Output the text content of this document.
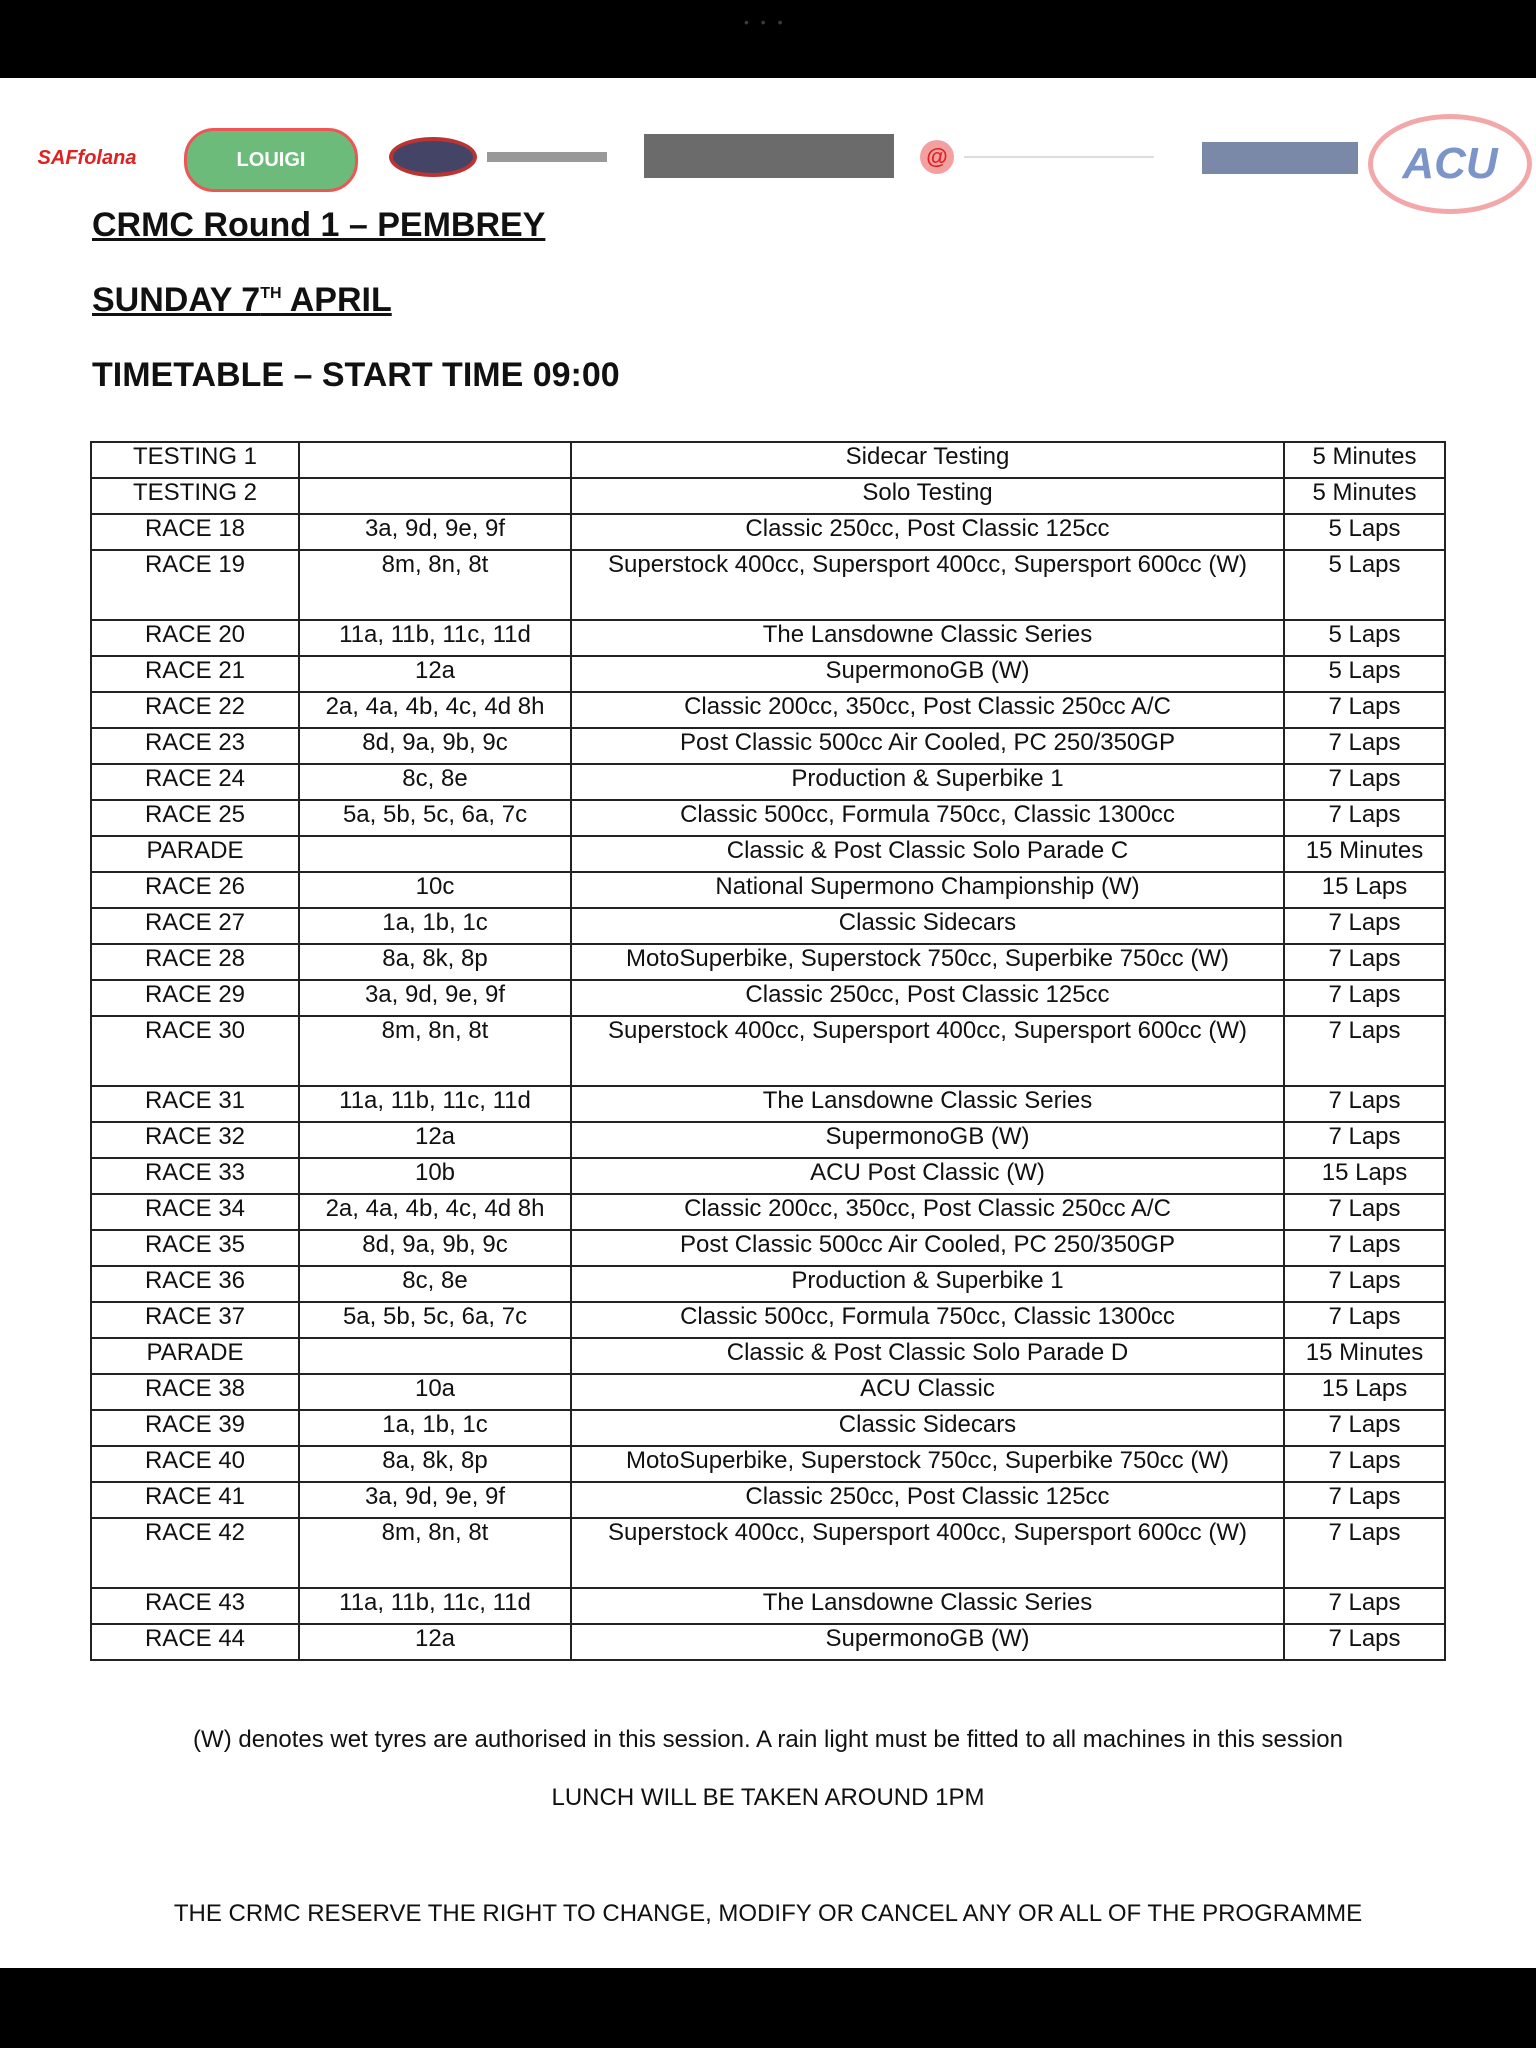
• • •
SAFfolana	LOUIGI	@	ACU
CRMC Round 1 – PEMBREY
SUNDAY 7TH APRIL
TIMETABLE – START TIME 09:00
TESTING 1		Sidecar Testing	5 Minutes
TESTING 2		Solo Testing	5 Minutes
RACE 18	3a, 9d, 9e, 9f	Classic 250cc, Post Classic 125cc	5 Laps
RACE 19	8m, 8n, 8t	Superstock 400cc, Supersport 400cc, Supersport 600cc (W)	5 Laps
RACE 20	11a, 11b, 11c, 11d	The Lansdowne Classic Series	5 Laps
RACE 21	12a	SupermonoGB (W)	5 Laps
RACE 22	2a, 4a, 4b, 4c, 4d 8h	Classic 200cc, 350cc, Post Classic 250cc A/C	7 Laps
RACE 23	8d, 9a, 9b, 9c	Post Classic 500cc Air Cooled, PC 250/350GP	7 Laps
RACE 24	8c, 8e	Production & Superbike 1	7 Laps
RACE 25	5a, 5b, 5c, 6a, 7c	Classic 500cc, Formula 750cc, Classic 1300cc	7 Laps
PARADE		Classic & Post Classic Solo Parade C	15 Minutes
RACE 26	10c	National Supermono Championship (W)	15 Laps
RACE 27	1a, 1b, 1c	Classic Sidecars	7 Laps
RACE 28	8a, 8k, 8p	MotoSuperbike, Superstock 750cc, Superbike 750cc (W)	7 Laps
RACE 29	3a, 9d, 9e, 9f	Classic 250cc, Post Classic 125cc	7 Laps
RACE 30	8m, 8n, 8t	Superstock 400cc, Supersport 400cc, Supersport 600cc (W)	7 Laps
RACE 31	11a, 11b, 11c, 11d	The Lansdowne Classic Series	7 Laps
RACE 32	12a	SupermonoGB (W)	7 Laps
RACE 33	10b	ACU Post Classic (W)	15 Laps
RACE 34	2a, 4a, 4b, 4c, 4d 8h	Classic 200cc, 350cc, Post Classic 250cc A/C	7 Laps
RACE 35	8d, 9a, 9b, 9c	Post Classic 500cc Air Cooled, PC 250/350GP	7 Laps
RACE 36	8c, 8e	Production & Superbike 1	7 Laps
RACE 37	5a, 5b, 5c, 6a, 7c	Classic 500cc, Formula 750cc, Classic 1300cc	7 Laps
PARADE		Classic & Post Classic Solo Parade D	15 Minutes
RACE 38	10a	ACU Classic	15 Laps
RACE 39	1a, 1b, 1c	Classic Sidecars	7 Laps
RACE 40	8a, 8k, 8p	MotoSuperbike, Superstock 750cc, Superbike 750cc (W)	7 Laps
RACE 41	3a, 9d, 9e, 9f	Classic 250cc, Post Classic 125cc	7 Laps
RACE 42	8m, 8n, 8t	Superstock 400cc, Supersport 400cc, Supersport 600cc (W)	7 Laps
RACE 43	11a, 11b, 11c, 11d	The Lansdowne Classic Series	7 Laps
RACE 44	12a	SupermonoGB (W)	7 Laps
(W) denotes wet tyres are authorised in this session. A rain light must be fitted to all machines in this session
LUNCH WILL BE TAKEN AROUND 1PM
THE CRMC RESERVE THE RIGHT TO CHANGE, MODIFY OR CANCEL ANY OR ALL OF THE PROGRAMME
